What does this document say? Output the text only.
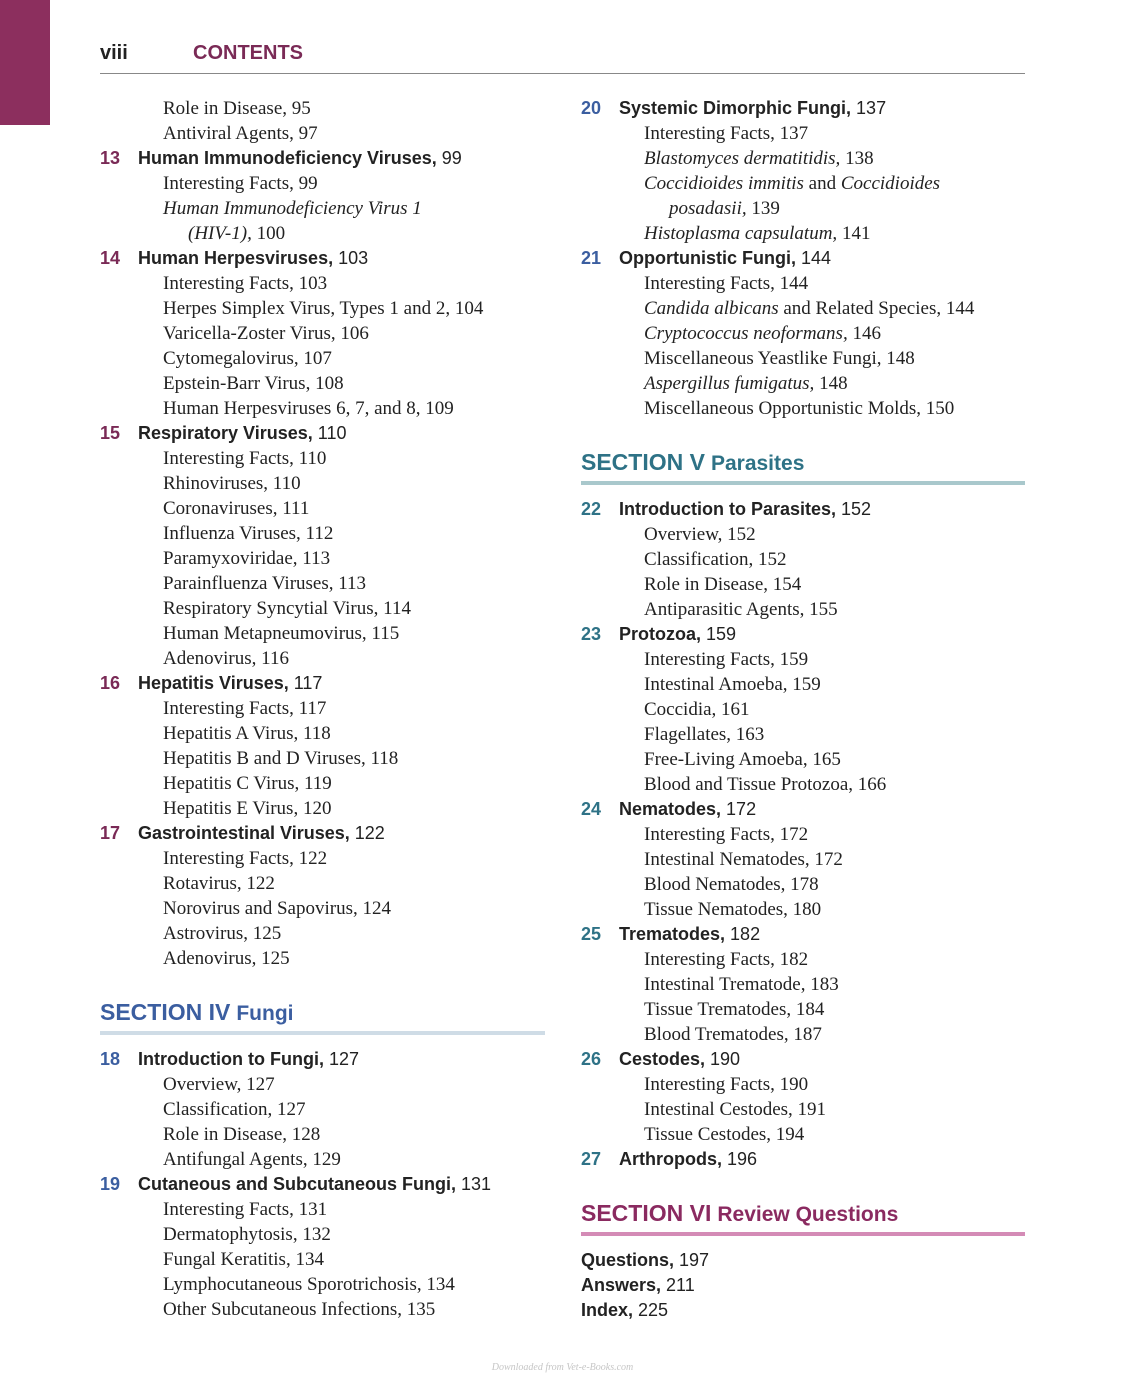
viii	CONTENTS
Role in Disease, 95
Antiviral Agents, 97
13 Human Immunodeficiency Viruses, 99
Interesting Facts, 99
Human Immunodeficiency Virus 1
(HIV-1), 100
14 Human Herpesviruses, 103
Interesting Facts, 103
Herpes Simplex Virus, Types 1 and 2, 104
Varicella-Zoster Virus, 106
Cytomegalovirus, 107
Epstein-Barr Virus, 108
Human Herpesviruses 6, 7, and 8, 109
15 Respiratory Viruses, 110
Interesting Facts, 110
Rhinoviruses, 110
Coronaviruses, 111
Influenza Viruses, 112
Paramyxoviridae, 113
Parainfluenza Viruses, 113
Respiratory Syncytial Virus, 114
Human Metapneumovirus, 115
Adenovirus, 116
16 Hepatitis Viruses, 117
Interesting Facts, 117
Hepatitis A Virus, 118
Hepatitis B and D Viruses, 118
Hepatitis C Virus, 119
Hepatitis E Virus, 120
17 Gastrointestinal Viruses, 122
Interesting Facts, 122
Rotavirus, 122
Norovirus and Sapovirus, 124
Astrovirus, 125
Adenovirus, 125
SECTION IV Fungi
18 Introduction to Fungi, 127
Overview, 127
Classification, 127
Role in Disease, 128
Antifungal Agents, 129
19 Cutaneous and Subcutaneous Fungi, 131
Interesting Facts, 131
Dermatophytosis, 132
Fungal Keratitis, 134
Lymphocutaneous Sporotrichosis, 134
Other Subcutaneous Infections, 135
20 Systemic Dimorphic Fungi, 137
Interesting Facts, 137
Blastomyces dermatitidis, 138
Coccidioides immitis and Coccidioides
posadasii, 139
Histoplasma capsulatum, 141
21 Opportunistic Fungi, 144
Interesting Facts, 144
Candida albicans and Related Species, 144
Cryptococcus neoformans, 146
Miscellaneous Yeastlike Fungi, 148
Aspergillus fumigatus, 148
Miscellaneous Opportunistic Molds, 150
SECTION V Parasites
22 Introduction to Parasites, 152
Overview, 152
Classification, 152
Role in Disease, 154
Antiparasitic Agents, 155
23 Protozoa, 159
Interesting Facts, 159
Intestinal Amoeba, 159
Coccidia, 161
Flagellates, 163
Free-Living Amoeba, 165
Blood and Tissue Protozoa, 166
24 Nematodes, 172
Interesting Facts, 172
Intestinal Nematodes, 172
Blood Nematodes, 178
Tissue Nematodes, 180
25 Trematodes, 182
Interesting Facts, 182
Intestinal Trematode, 183
Tissue Trematodes, 184
Blood Trematodes, 187
26 Cestodes, 190
Interesting Facts, 190
Intestinal Cestodes, 191
Tissue Cestodes, 194
27 Arthropods, 196
SECTION VI Review Questions
Questions, 197
Answers, 211
Index, 225
Downloaded from Vet-e-Books.com
